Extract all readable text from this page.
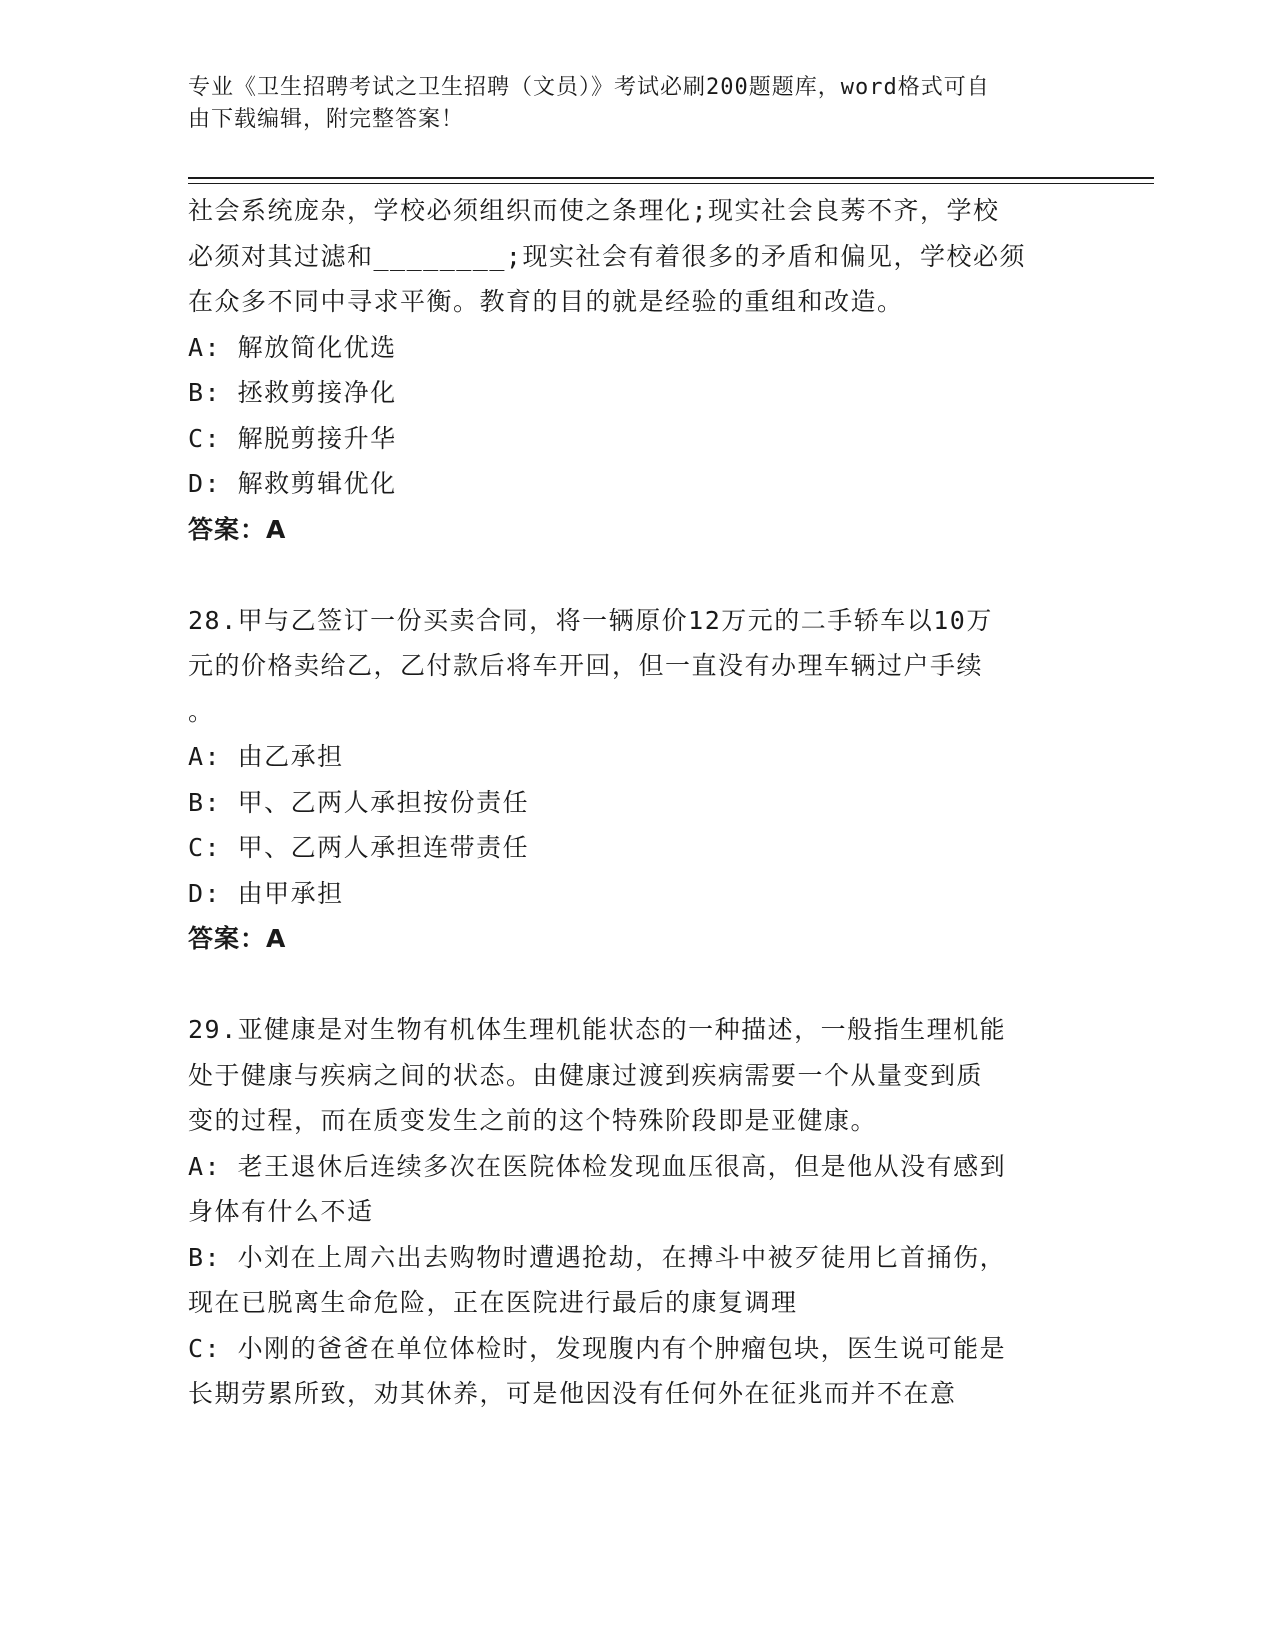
专业《卫生招聘考试之卫生招聘（文员）》考试必刷200题题库，word格式可自
由下载编辑，附完整答案！
社会系统庞杂，学校必须组织而使之条理化;现实社会良莠不齐，学校
必须对其过滤和________;现实社会有着很多的矛盾和偏见，学校必须
在众多不同中寻求平衡。教育的目的就是经验的重组和改造。
A: 解放简化优选
B: 拯救剪接净化
C: 解脱剪接升华
D: 解救剪辑优化
答案：A
28.甲与乙签订一份买卖合同，将一辆原价12万元的二手轿车以10万
元的价格卖给乙，乙付款后将车开回，但一直没有办理车辆过户手续
。
A: 由乙承担
B: 甲、乙两人承担按份责任
C: 甲、乙两人承担连带责任
D: 由甲承担
答案：A
29.亚健康是对生物有机体生理机能状态的一种描述，一般指生理机能
处于健康与疾病之间的状态。由健康过渡到疾病需要一个从量变到质
变的过程，而在质变发生之前的这个特殊阶段即是亚健康。
A: 老王退休后连续多次在医院体检发现血压很高，但是他从没有感到
身体有什么不适
B: 小刘在上周六出去购物时遭遇抢劫，在搏斗中被歹徒用匕首捅伤，
现在已脱离生命危险，正在医院进行最后的康复调理
C: 小刚的爸爸在单位体检时，发现腹内有个肿瘤包块，医生说可能是
长期劳累所致，劝其休养，可是他因没有任何外在征兆而并不在意
